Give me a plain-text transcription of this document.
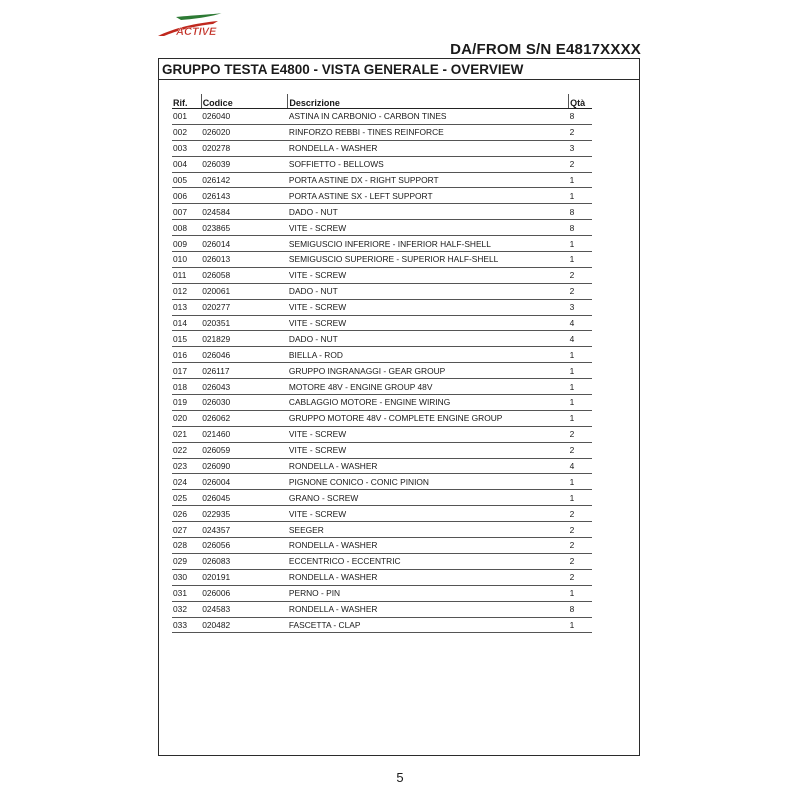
ACTIVE
DA/FROM S/N E4817XXXX
GRUPPO TESTA E4800 - VISTA GENERALE - OVERVIEW
Rif.	Codice	Descrizione	Qtà
001	026040	ASTINA IN CARBONIO - CARBON TINES	8
002	026020	RINFORZO REBBI - TINES REINFORCE	2
003	020278	RONDELLA - WASHER	3
004	026039	SOFFIETTO - BELLOWS	2
005	026142	PORTA ASTINE DX - RIGHT SUPPORT	1
006	026143	PORTA ASTINE SX - LEFT SUPPORT	1
007	024584	DADO - NUT	8
008	023865	VITE - SCREW	8
009	026014	SEMIGUSCIO INFERIORE - INFERIOR HALF-SHELL	1
010	026013	SEMIGUSCIO SUPERIORE - SUPERIOR HALF-SHELL	1
011	026058	VITE - SCREW	2
012	020061	DADO - NUT	2
013	020277	VITE - SCREW	3
014	020351	VITE - SCREW	4
015	021829	DADO - NUT	4
016	026046	BIELLA - ROD	1
017	026117	GRUPPO INGRANAGGI - GEAR GROUP	1
018	026043	MOTORE 48V - ENGINE GROUP 48V	1
019	026030	CABLAGGIO MOTORE - ENGINE WIRING	1
020	026062	GRUPPO MOTORE 48V - COMPLETE ENGINE GROUP	1
021	021460	VITE - SCREW	2
022	026059	VITE - SCREW	2
023	026090	RONDELLA - WASHER	4
024	026004	PIGNONE CONICO - CONIC PINION	1
025	026045	GRANO - SCREW	1
026	022935	VITE - SCREW	2
027	024357	SEEGER	2
028	026056	RONDELLA - WASHER	2
029	026083	ECCENTRICO - ECCENTRIC	2
030	020191	RONDELLA - WASHER	2
031	026006	PERNO - PIN	1
032	024583	RONDELLA - WASHER	8
033	020482	FASCETTA - CLAP	1
5
